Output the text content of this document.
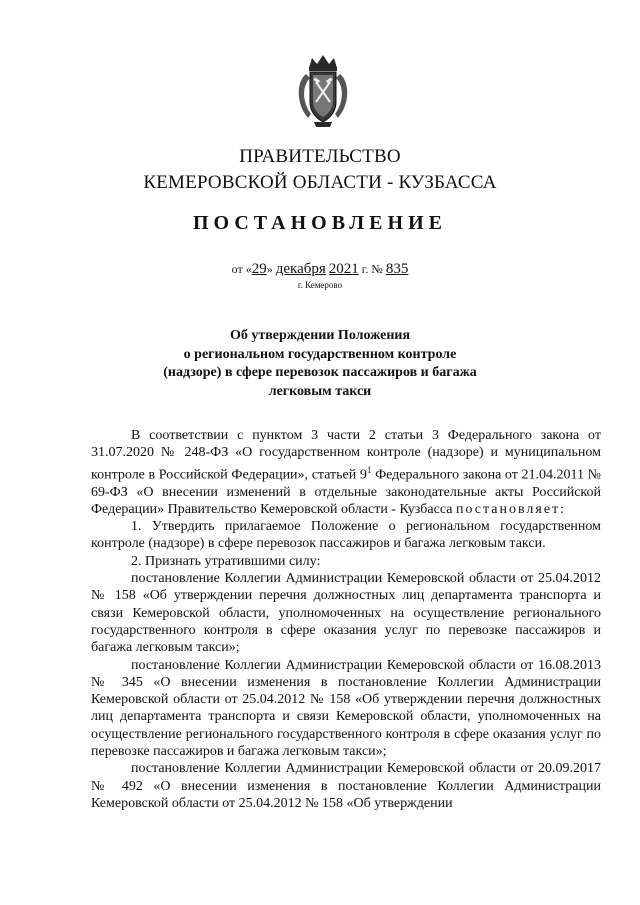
ПРАВИТЕЛЬСТВО
КЕМЕРОВСКОЙ ОБЛАСТИ - КУЗБАССА
ПОСТАНОВЛЕНИЕ
от «29» декабря 2021 г. № 835
г. Кемерово
Об утверждении Положения
о региональном государственном контроле
(надзоре) в сфере перевозок пассажиров и багажа
легковым такси

В соответствии с пунктом 3 части 2 статьи 3 Федерального закона от 31.07.2020 № 248-ФЗ «О государственном контроле (надзоре) и муниципальном контроле в Российской Федерации», статьей $9^1$ Федерального закона от 21.04.2011 № 69-ФЗ «О внесении изменений в отдельные законодательные акты Российской Федерации» Правительство Кемеровской области - Кузбасса постановляет:

1. Утвердить прилагаемое Положение о региональном государственном контроле (надзоре) в сфере перевозок пассажиров и багажа легковым такси.

2. Признать утратившими силу:

постановление Коллегии Администрации Кемеровской области от 25.04.2012 № 158 «Об утверждении перечня должностных лиц департамента транспорта и связи Кемеровской области, уполномоченных на осуществление регионального государственного контроля в сфере оказания услуг по перевозке пассажиров и багажа легковым такси»;

постановление Коллегии Администрации Кемеровской области от 16.08.2013 № 345 «О внесении изменения в постановление Коллегии Администрации Кемеровской области от 25.04.2012 № 158 «Об утверждении перечня должностных лиц департамента транспорта и связи Кемеровской области, уполномоченных на осуществление регионального государственного контроля в сфере оказания услуг по перевозке пассажиров и багажа легковым такси»;

постановление Коллегии Администрации Кемеровской области от 20.09.2017 № 492 «О внесении изменения в постановление Коллегии Администрации Кемеровской области от 25.04.2012 № 158 «Об утверждении
